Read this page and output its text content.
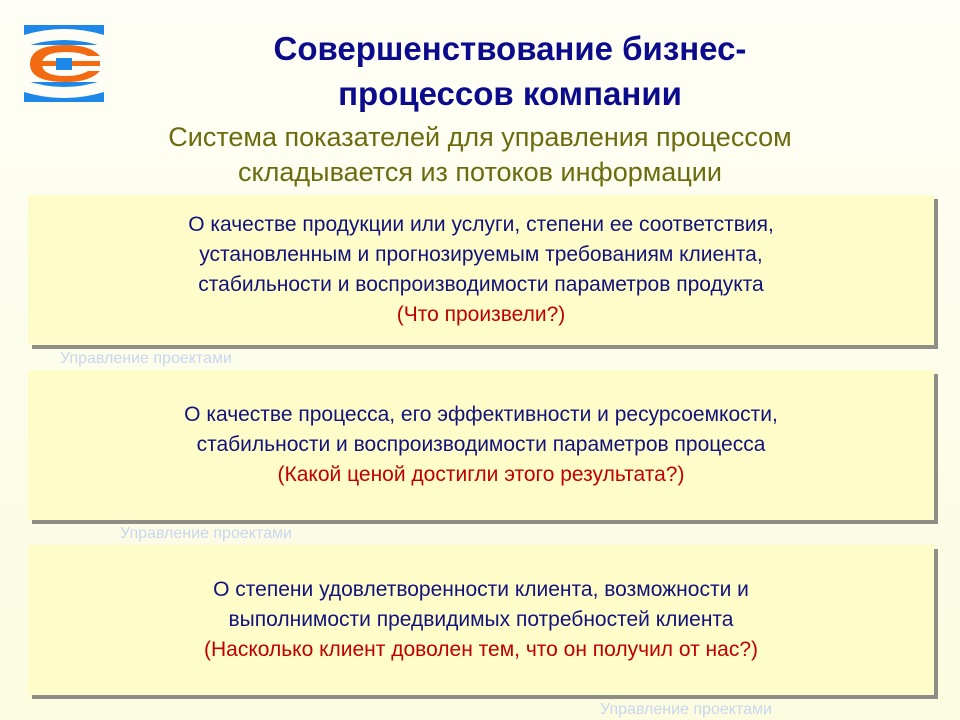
Управление проектами
Управление проектами
Управление проектами
Совершенствование бизнес-
процессов компании
Система показателей для управления процессом
складывается из потоков информации
О качестве продукции или услуги, степени ее соответствия,
установленным и прогнозируемым требованиям клиента,
стабильности и воспроизводимости параметров продукта
(Что произвели?)
О качестве процесса, его эффективности и ресурсоемкости,
стабильности и воспроизводимости параметров процесса
(Какой ценой достигли этого результата?)
О степени удовлетворенности клиента, возможности и
выполнимости предвидимых потребностей клиента
(Насколько клиент доволен тем, что он получил от нас?)
